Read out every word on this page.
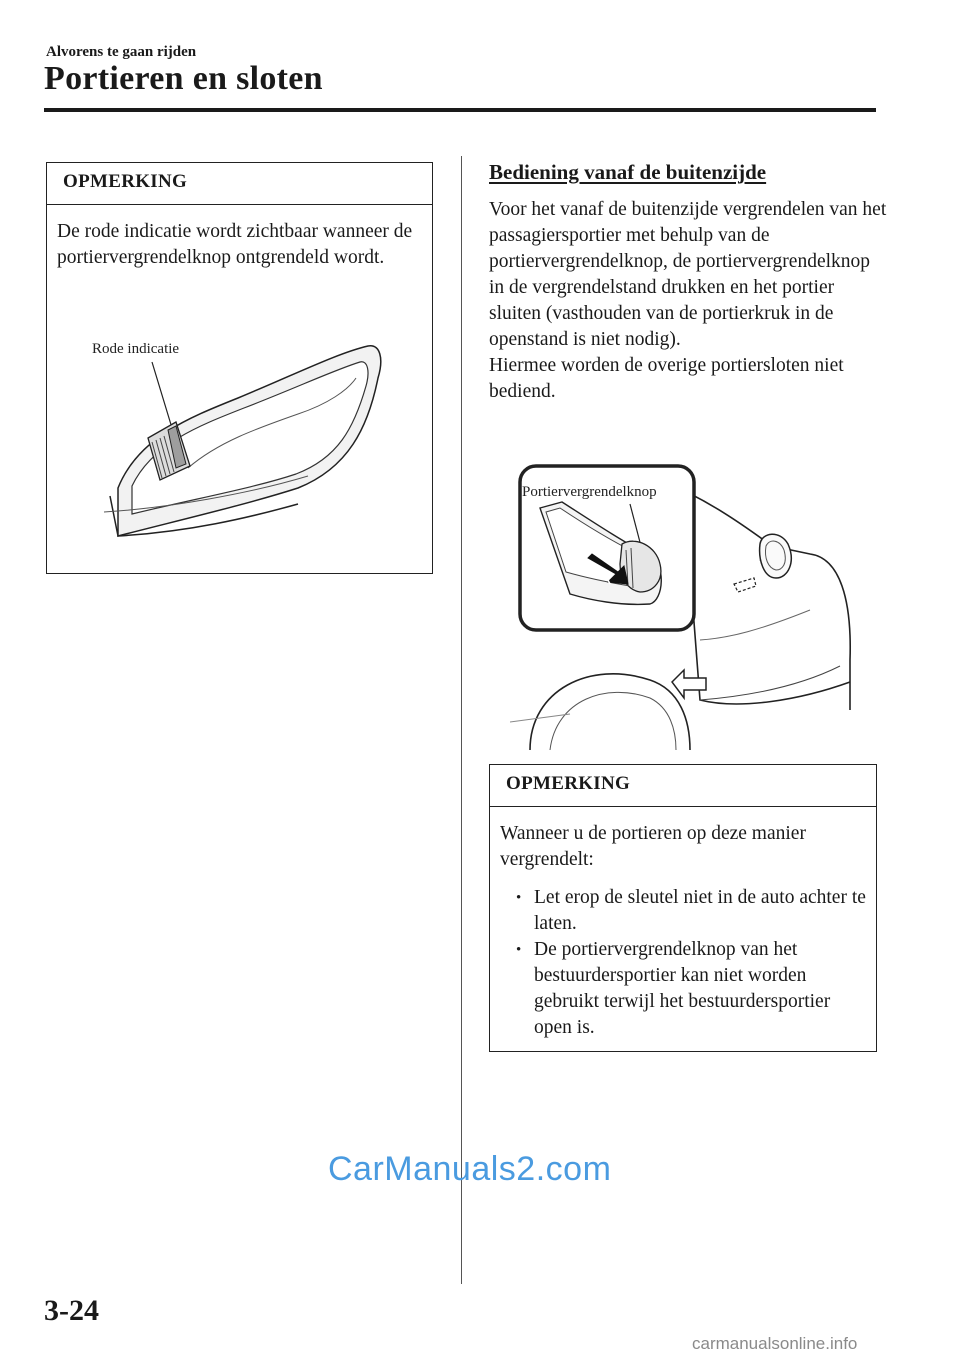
Alvorens te gaan rijden
Portieren en sloten
OPMERKING
De rode indicatie wordt zichtbaar wanneer de portiervergrendelknop ontgrendeld wordt.
Rode indicatie
Bediening vanaf de buitenzijde

Voor het vanaf de buitenzijde vergrendelen van het passagiersportier met behulp van de portiervergrendelknop, de portiervergrendelknop in de vergrendelstand drukken en het portier sluiten (vasthouden van de portierkruk in de openstand is niet nodig).

Hiermee worden de overige portiersloten niet bediend.

Portiervergrendelknop
OPMERKING
Wanneer u de portieren op deze manier vergrendelt:
• Let erop de sleutel niet in de auto achter te laten.
• De portiervergrendelknop van het bestuurdersportier kan niet worden gebruikt terwijl het bestuurdersportier open is.
CarManuals2.com
3-24
carmanualsonline.info
